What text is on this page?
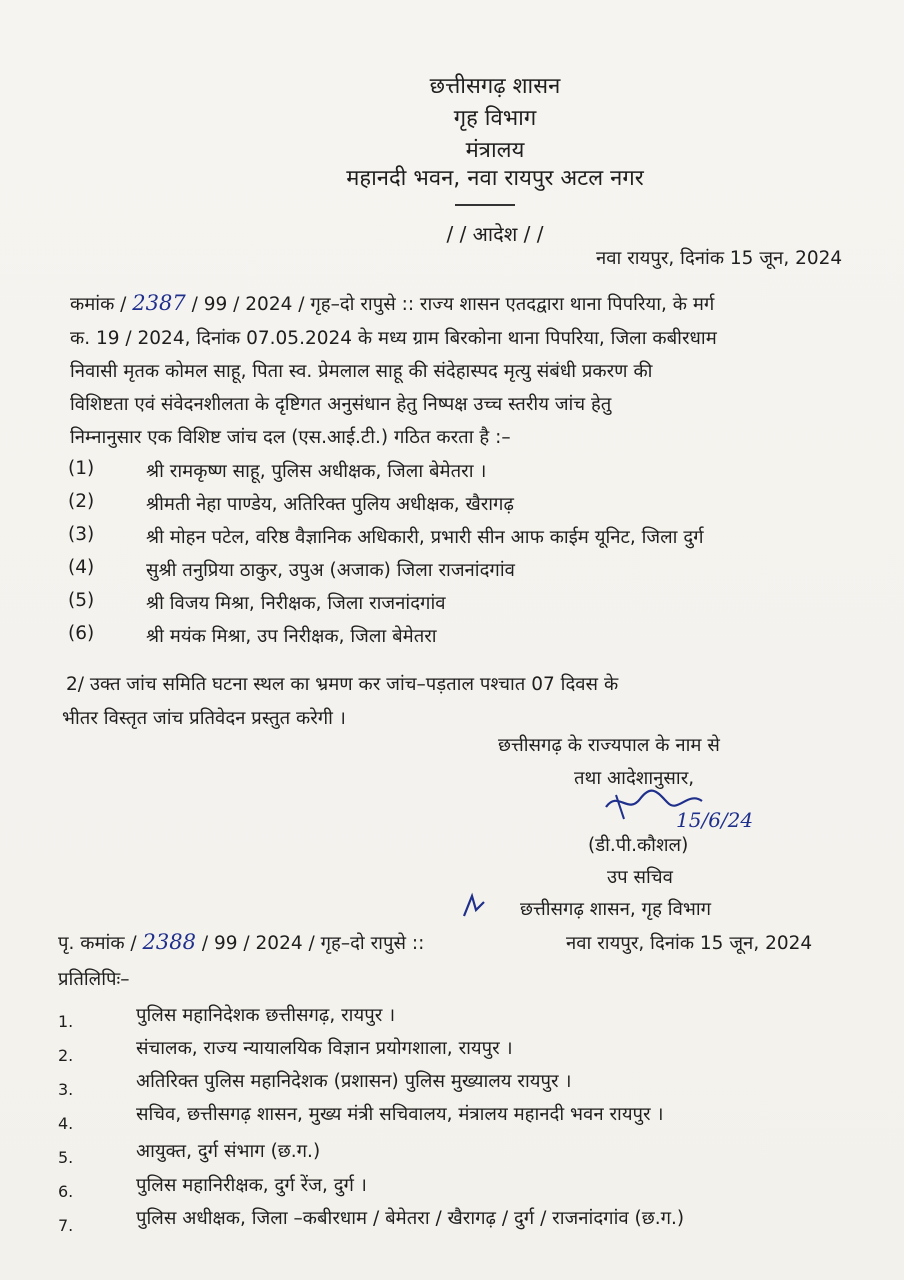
छत्तीसगढ़ शासन
गृह विभाग
मंत्रालय
महानदी भवन, नवा रायपुर अटल नगर
/ / आदेश / /
नवा रायपुर, दिनांक 15 जून, 2024
कमांक / 2387 / 99 / 2024 / गृह–दो रापुसे :: राज्य शासन एतदद्वारा थाना पिपरिया, के मर्ग
क. 19 / 2024, दिनांक 07.05.2024 के मध्य ग्राम बिरकोना थाना पिपरिया, जिला कबीरधाम
निवासी मृतक कोमल साहू, पिता स्व. प्रेमलाल साहू की संदेहास्पद मृत्यु संबंधी प्रकरण की
विशिष्टता एवं संवेदनशीलता के दृष्टिगत अनुसंधान हेतु निष्पक्ष उच्च स्तरीय जांच हेतु
निम्नानुसार एक विशिष्ट जांच दल (एस.आई.टी.) गठित करता है :–
(1)	श्री रामकृष्ण साहू, पुलिस अधीक्षक, जिला बेमेतरा ।
(2)	श्रीमती नेहा पाण्डेय, अतिरिक्त पुलिय अधीक्षक, खैरागढ़
(3)	श्री मोहन पटेल, वरिष्ठ वैज्ञानिक अधिकारी, प्रभारी सीन आफ काईम यूनिट, जिला दुर्ग
(4)	सुश्री तनुप्रिया ठाकुर, उपुअ (अजाक) जिला राजनांदगांव
(5)	श्री विजय मिश्रा, निरीक्षक, जिला राजनांदगांव
(6)	श्री मयंक मिश्रा, उप निरीक्षक, जिला बेमेतरा
2/ उक्त जांच समिति घटना स्थल का भ्रमण कर जांच–पड़ताल पश्चात 07 दिवस के
भीतर विस्तृत जांच प्रतिवेदन प्रस्तुत करेगी ।
छत्तीसगढ़ के राज्यपाल के नाम से
तथा आदेशानुसार,
15/6/24
(डी.पी.कौशल)
उप सचिव
छत्तीसगढ़ शासन, गृह विभाग
पृ. कमांक / 2388 / 99 / 2024 / गृह–दो रापुसे ::	नवा रायपुर, दिनांक 15 जून, 2024
प्रतिलिपिः–
1.	पुलिस महानिदेशक छत्तीसगढ़, रायपुर ।
2.	संचालक, राज्य न्यायालयिक विज्ञान प्रयोगशाला, रायपुर ।
3.	अतिरिक्त पुलिस महानिदेशक (प्रशासन) पुलिस मुख्यालय रायपुर ।
4.	सचिव, छत्तीसगढ़ शासन, मुख्य मंत्री सचिवालय, मंत्रालय महानदी भवन रायपुर ।
5.	आयुक्त, दुर्ग संभाग (छ.ग.)
6.	पुलिस महानिरीक्षक, दुर्ग रेंज, दुर्ग ।
7.	पुलिस अधीक्षक, जिला –कबीरधाम / बेमेतरा / खैरागढ़ / दुर्ग / राजनांदगांव (छ.ग.)
